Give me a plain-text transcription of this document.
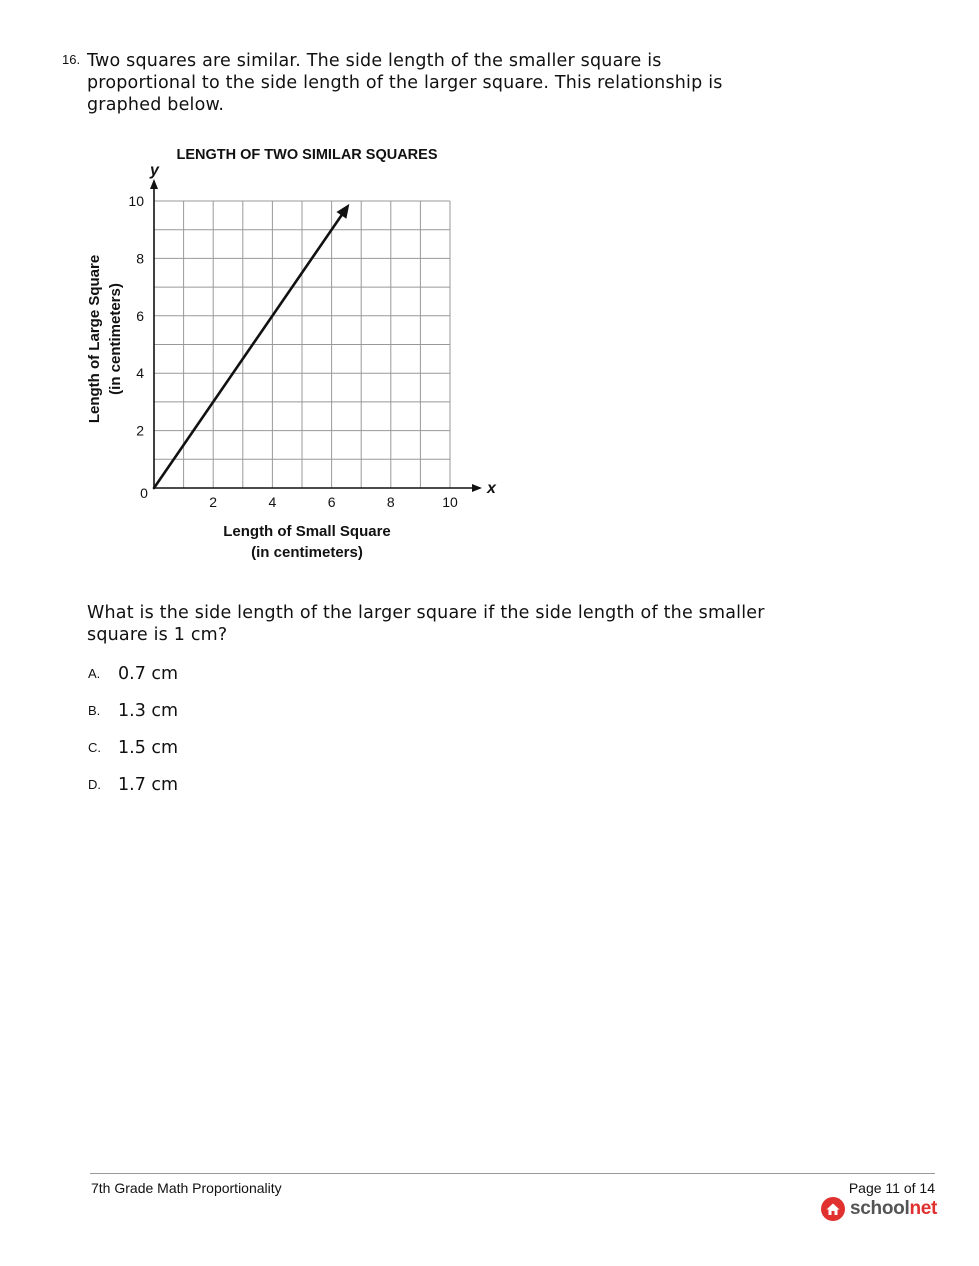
16. Two squares are similar. The side length of the smaller square is proportional to the side length of the larger square. This relationship is graphed below.
x
y
0
2	4	6	8	10
2
4
6
8
10
LENGTH OF TWO SIMILAR SQUARES
Length of Small Square
(in centimeters)
Length of Large Square (in centimeters)
What is the side length of the larger square if the side length of the smaller square is 1 cm?
A. 0.7 cm
B. 1.3 cm
C. 1.5 cm
D. 1.7 cm
7th Grade Math Proportionality	Page 11 of 14
schoolnet
